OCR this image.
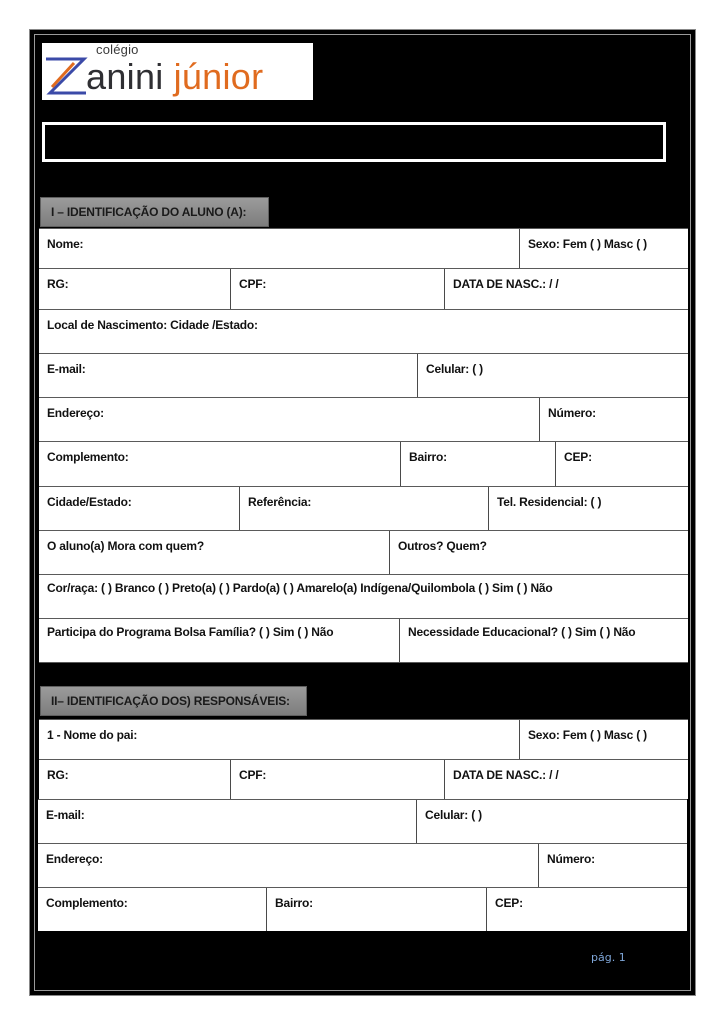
colégio
anini júnior
I – IDENTIFICAÇÃO DO ALUNO (A):
Nome:	Sexo: Fem ( ) Masc ( )
RG:	CPF:	DATA DE NASC.: / /
Local de Nascimento: Cidade /Estado:
E-mail:	Celular: ( )
Endereço:	Número:
Complemento:	Bairro:	CEP:
Cidade/Estado:	Referência:	Tel. Residencial: ( )
O aluno(a) Mora com quem?	Outros? Quem?
Cor/raça: ( ) Branco ( ) Preto(a) ( ) Pardo(a) ( ) Amarelo(a) Indígena/Quilombola ( ) Sim ( ) Não
Participa do Programa Bolsa Família? ( ) Sim ( ) Não	Necessidade Educacional? ( ) Sim ( ) Não
II– IDENTIFICAÇÃO DOS) RESPONSÁVEIS:
1 - Nome do pai:	Sexo: Fem ( ) Masc ( )
RG:	CPF:	DATA DE NASC.: / /
E-mail:	Celular: ( )
Endereço:	Número:
Complemento:	Bairro:	CEP:
pág. 1
